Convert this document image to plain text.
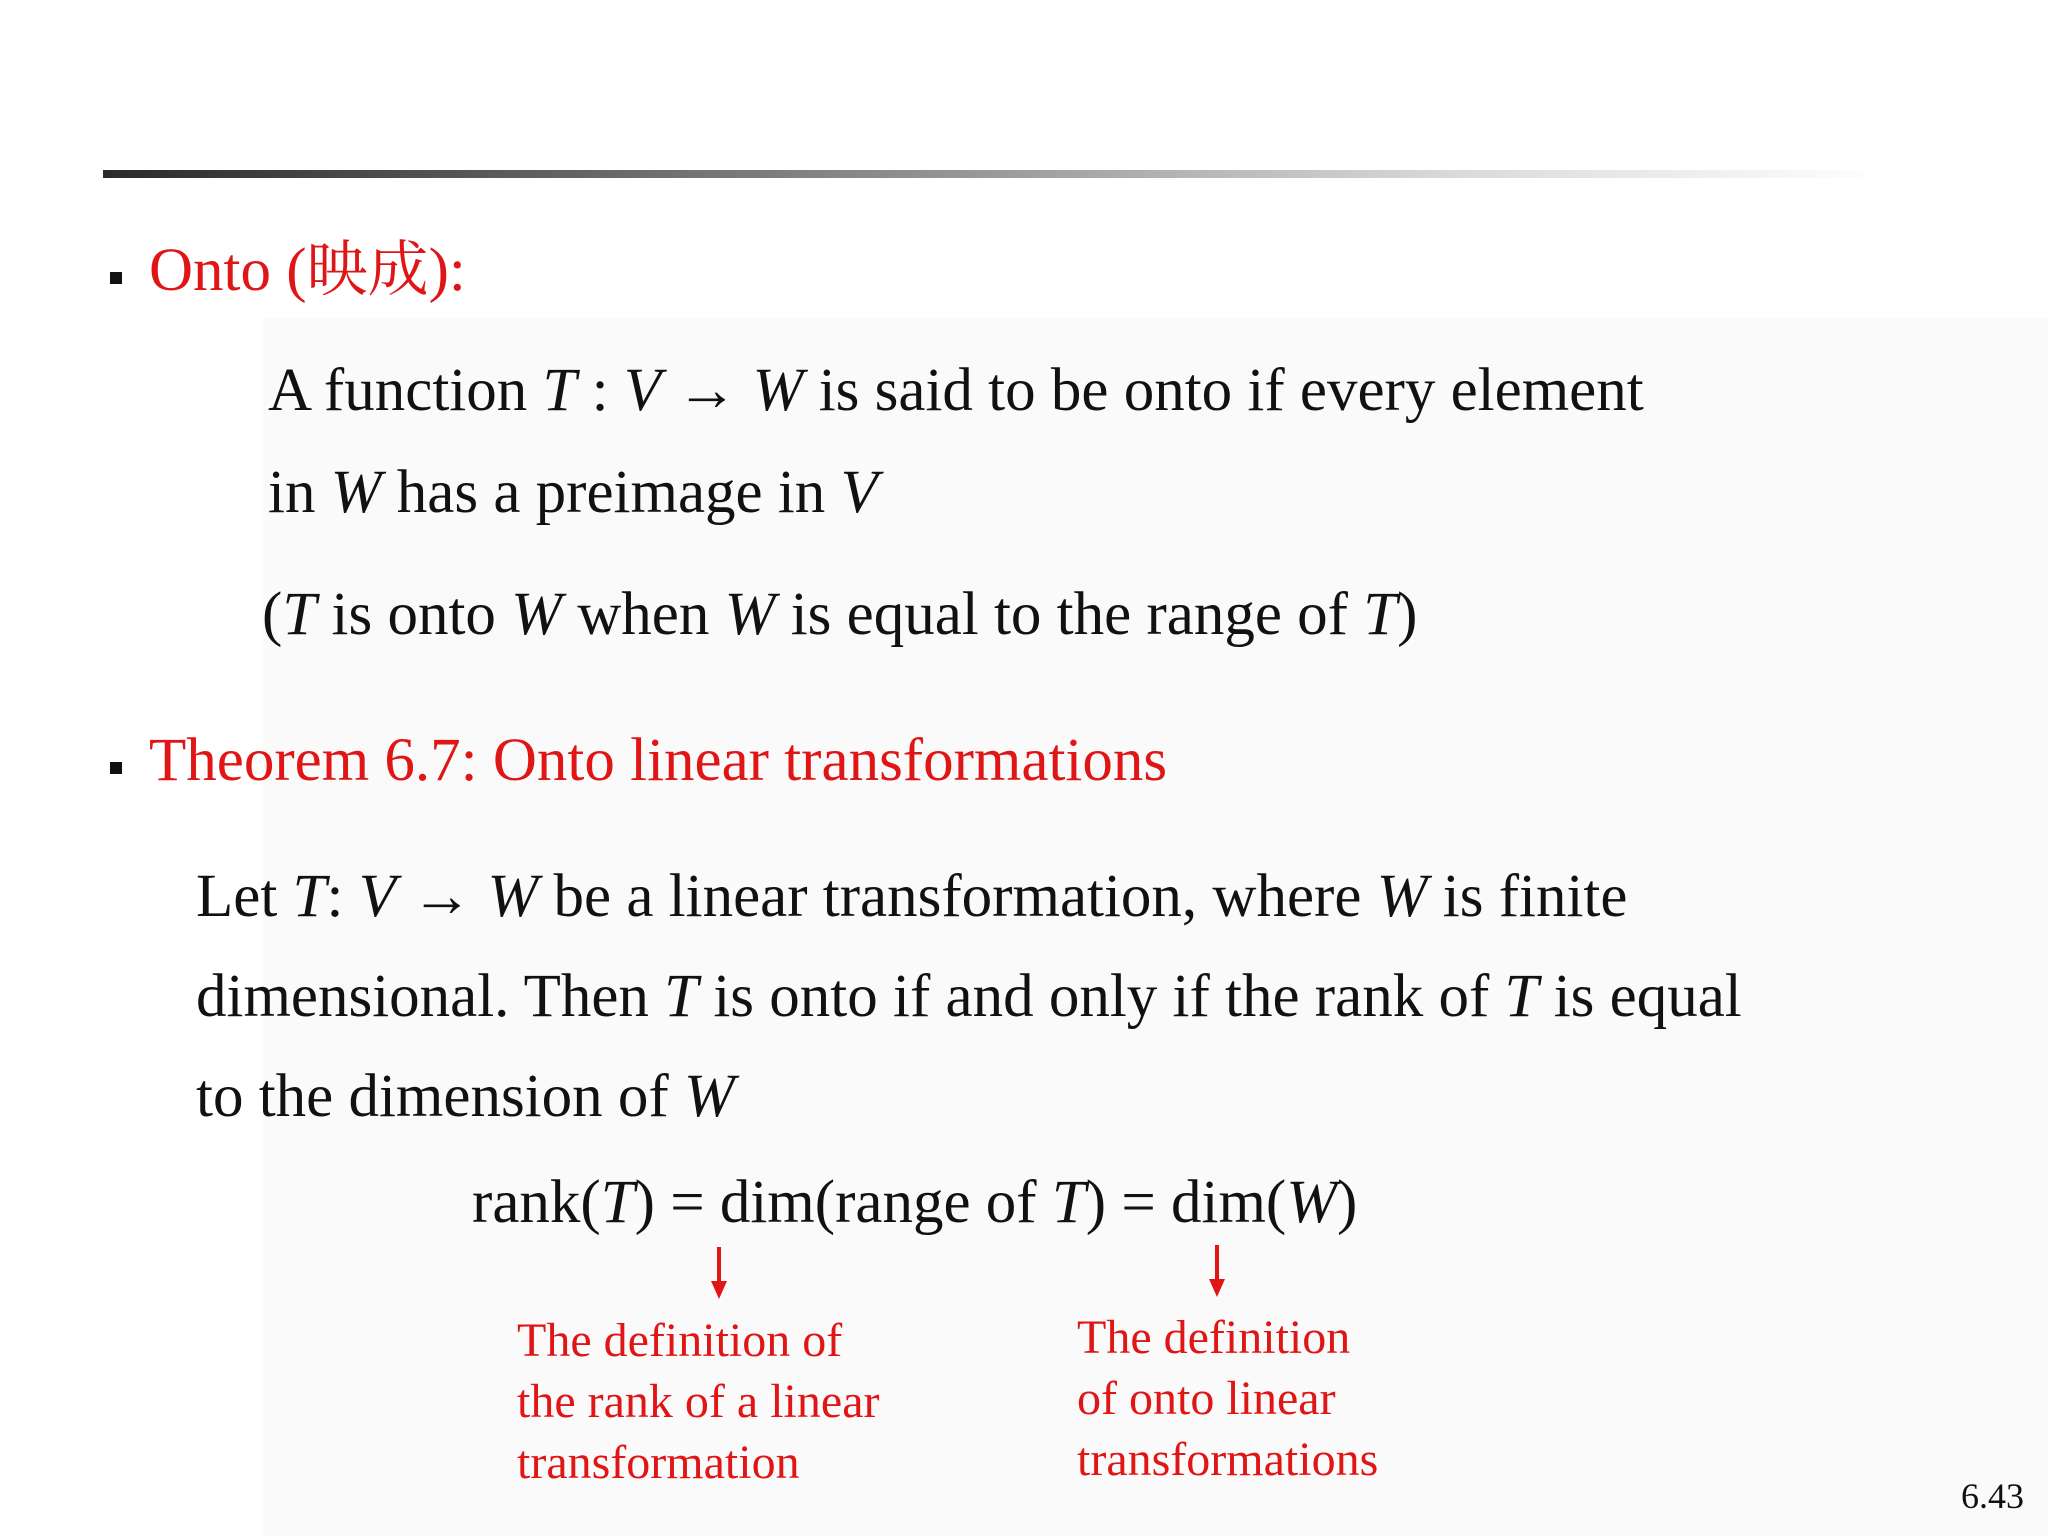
Onto (映成):
A function T : V → W is said to be onto if every element
in W has a preimage in V
(T is onto W when W is equal to the range of T)
Theorem 6.7: Onto linear transformations
Let T: V → W be a linear transformation, where W is finite
dimensional. Then T is onto if and only if the rank of T is equal
to the dimension of W
rank(T) = dim(range of T) = dim(W)
The definition of
the rank of a linear
transformation
The definition
of onto linear
transformations
6.43
